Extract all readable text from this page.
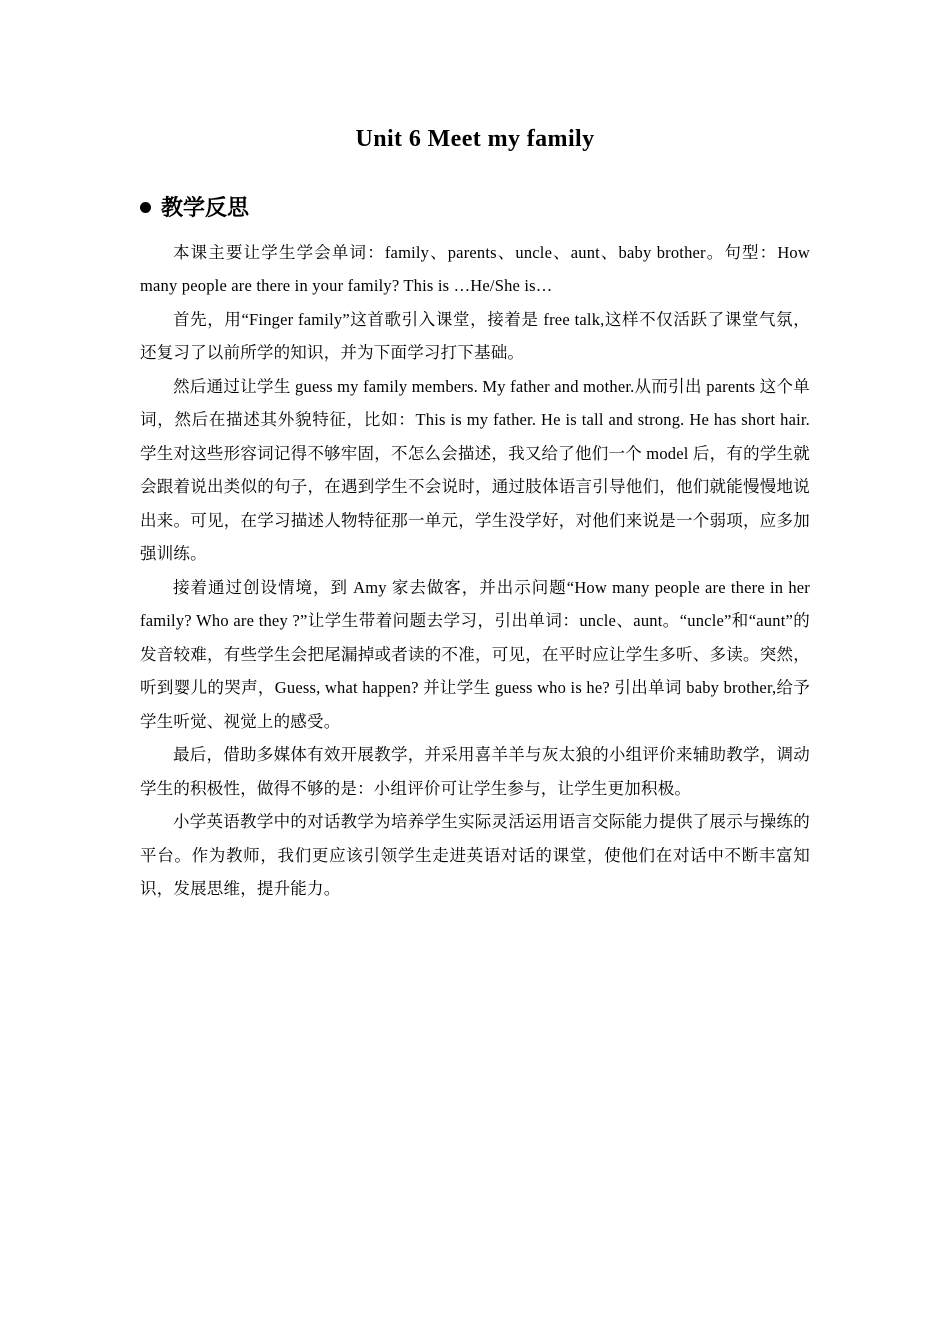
Unit 6 Meet my family
教学反思

本课主要让学生学会单词：family、parents、uncle、aunt、baby brother。句型：How many people are there in your family? This is …He/She is…

首先，用“Finger family”这首歌引入课堂，接着是 free talk,这样不仅活跃了课堂气氛，还复习了以前所学的知识，并为下面学习打下基础。

然后通过让学生 guess my family members. My father and mother.从而引出 parents 这个单词，然后在描述其外貌特征，比如：This is my father. He is tall and strong. He has short hair.学生对这些形容词记得不够牢固，不怎么会描述，我又给了他们一个 model 后，有的学生就会跟着说出类似的句子，在遇到学生不会说时，通过肢体语言引导他们，他们就能慢慢地说出来。可见，在学习描述人物特征那一单元，学生没学好，对他们来说是一个弱项，应多加强训练。

接着通过创设情境，到 Amy 家去做客，并出示问题“How many people are there in her family? Who are they ?”让学生带着问题去学习，引出单词：uncle、aunt。“uncle”和“aunt”的发音较难，有些学生会把尾漏掉或者读的不准，可见，在平时应让学生多听、多读。突然，听到婴儿的哭声，Guess, what happen? 并让学生 guess who is he? 引出单词 baby brother,给予学生听觉、视觉上的感受。

最后，借助多媒体有效开展教学，并采用喜羊羊与灰太狼的小组评价来辅助教学，调动学生的积极性，做得不够的是：小组评价可让学生参与，让学生更加积极。

小学英语教学中的对话教学为培养学生实际灵活运用语言交际能力提供了展示与操练的平台。作为教师，我们更应该引领学生走进英语对话的课堂，使他们在对话中不断丰富知识，发展思维，提升能力。
